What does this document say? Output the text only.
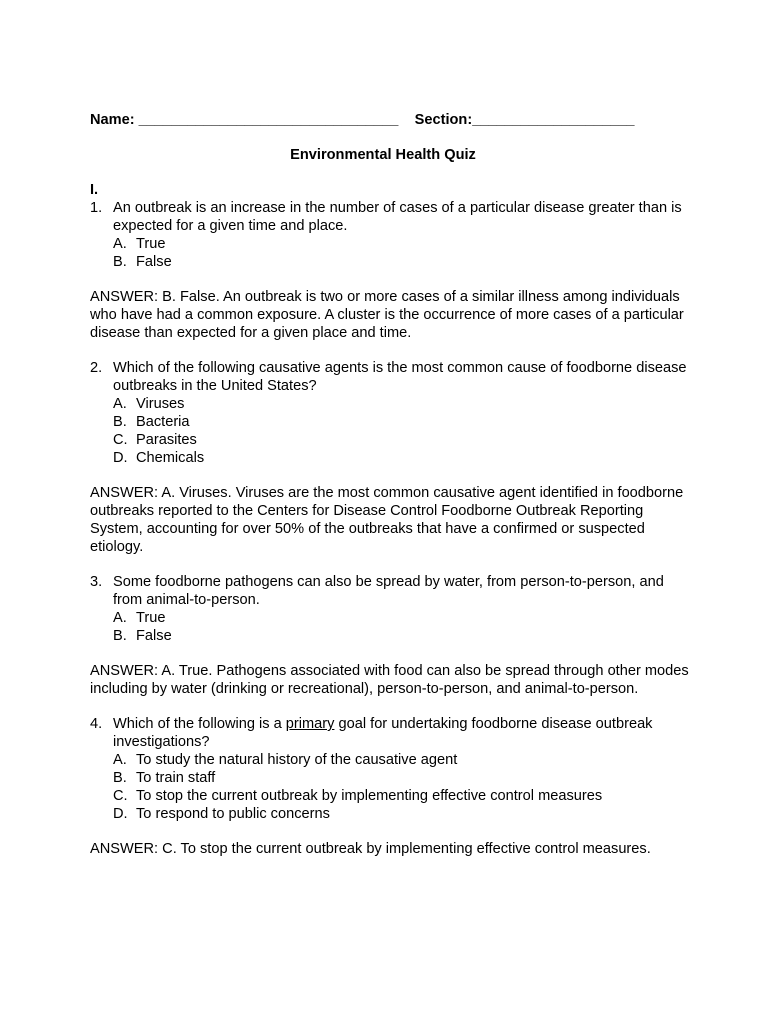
Name: ________________________________ Section:____________________
Environmental Health Quiz
I.
1. An outbreak is an increase in the number of cases of a particular disease greater than is expected for a given time and place.
A. True
B. False
ANSWER: B. False. An outbreak is two or more cases of a similar illness among individuals who have had a common exposure. A cluster is the occurrence of more cases of a particular disease than expected for a given place and time.
2. Which of the following causative agents is the most common cause of foodborne disease outbreaks in the United States?
A. Viruses
B. Bacteria
C. Parasites
D. Chemicals
ANSWER: A. Viruses. Viruses are the most common causative agent identified in foodborne outbreaks reported to the Centers for Disease Control Foodborne Outbreak Reporting System, accounting for over 50% of the outbreaks that have a confirmed or suspected etiology.
3. Some foodborne pathogens can also be spread by water, from person-to-person, and from animal-to-person.
A. True
B. False
ANSWER: A. True. Pathogens associated with food can also be spread through other modes including by water (drinking or recreational), person-to-person, and animal-to-person.
4. Which of the following is a primary goal for undertaking foodborne disease outbreak investigations?
A. To study the natural history of the causative agent
B. To train staff
C. To stop the current outbreak by implementing effective control measures
D. To respond to public concerns
ANSWER: C. To stop the current outbreak by implementing effective control measures.
